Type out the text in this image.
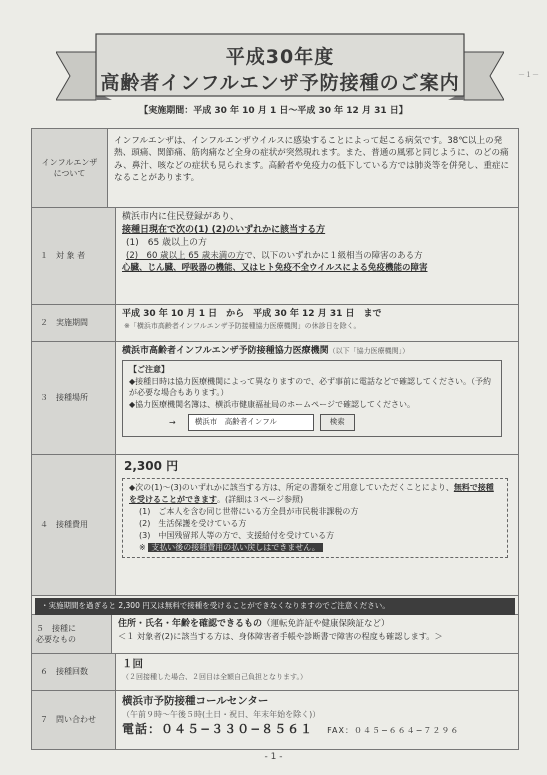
－１－
平成30年度
高齢者インフルエンザ予防接種のご案内
【実施期間：平成 30 年 10 月 1 日〜平成 30 年 12 月 31 日】
インフルエンザ
について
インフルエンザは、インフルエンザウイルスに感染することによって起こる病気です。38℃以上の発熱、頭痛、関節痛、筋肉痛など全身の症状が突然現れます。また、普通の風邪と同じように、のどの痛み、鼻汁、咳などの症状も見られます。高齢者や免疫力の低下している方では肺炎等を併発し、重症になることがあります。
１　対 象 者
横浜市内に住民登録があり、
接種日現在で次の(1) (2)のいずれかに該当する方
(1)　65 歳以上の方
(2)　60 歳以上 65 歳未満の方で、以下のいずれかに１級相当の障害のある方
心臓、じん臓、呼吸器の機能、又はヒト免疫不全ウイルスによる免疫機能の障害
２　実施期間
平成 30 年 10 月 1 日　から　平成 30 年 12 月 31 日　まで
※「横浜市高齢者インフルエンザ予防接種協力医療機関」の休診日を除く。
３　接種場所
横浜市高齢者インフルエンザ予防接種協力医療機関（以下「協力医療機関」）
【ご注意】
◆接種日時は協力医療機関によって異なりますので、必ず事前に電話などで確認してください。（予約が必要な場合もあります。）
◆協力医療機関名簿は、横浜市健康福祉局のホームページで確認してください。
→	横浜市　高齢者インフル	検索
４　接種費用
2,300 円
◆次の(1)〜(3)のいずれかに該当する方は、所定の書類をご用意していただくことにより、無料で接種を受けることができます。(詳細は３ページ参照)
(1)　ご本人を含む同じ世帯にいる方全員が市民税非課税の方
(2)　生活保護を受けている方
(3)　中国残留邦人等の方で、支援給付を受けている方
※ 支払い後の接種費用の払い戻しはできません。
・実施期間を過ぎると 2,300 円又は無料で接種を受けることができなくなりますのでご注意ください。
５　接種に
必要なもの
住所・氏名・年齢を確認できるもの（運転免許証や健康保険証など）
＜１ 対象者(2)に該当する方は、身体障害者手帳や診断書で障害の程度も確認します。＞
６　接種回数
１回
（２回接種した場合、２回目は全額自己負担となります。）
７　問い合わせ
横浜市予防接種コールセンター
（午前９時〜午後５時(土日・祝日、年末年始を除く)）
電話：０４５−３３０−８５６１ FAX：０４５−６６４−７２９６
- 1 -
